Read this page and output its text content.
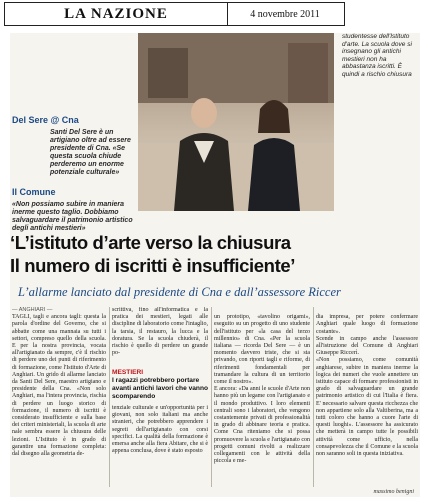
LA NAZIONE	4 novembre 2011
Del Sere @ Cna
Santi Del Sere è un artigiano oltre ad essere presidente di Cna. «Se questa scuola chiude perderemo un enorme potenziale culturale»
Il Comune
«Non possiamo subire in maniera inerme questo taglio. Dobbiamo salvaguardare il patrimonio artistico degli antichi mestieri»
studentesse dell'Istituto d'arte. La scuola dove si insegnano gli antichi mestieri non ha abbastanza iscritti. È quindi a rischio chiusura
‘L’istituto d’arte verso la chiusura
Il numero di iscritti è insufficiente’
L’allarme lanciato dal presidente di Cna e dall’assessore Riccer
— ANGHIARI —
TAGLI, tagli e ancora tagli: questa la parola d'ordine del Governo, che si abbatte come una mannaia su tutti i settori, compreso quello della scuola. E per la nostra provincia, vocata all'artigianato da sempre, c'è il rischio di perdere uno dei punti di riferimento di formazione, come l'Istituto d'Arte di Anghiari. Un grido di allarme lanciato da Santi Del Sere, maestro artigiano e presidente della Cna. «Non solo Anghiari, ma l'intera provincia, rischia di perdere un luogo storico di formazione, il numero di iscritti è considerato insufficiente e sulla base dei criteri ministeriali, la scuola di arte nale sembra essere la chiusura delle lezioni. L'Istituto è in grado di garantire una formazione completa: dal disegno alla geometria de-
scrittiva, fino all'informatica e la pratica dei mestieri, legati alle discipline di laboratorio come l'intaglio, la tarsia, il restauro, la lucca e la doratura. Se la scuola chiuderà, il rischio è quello di perdere un grande po-
MESTIERI
I ragazzi potrebbero portare avanti antichi lavori che vanno scomparendo
tenziale culturale e un'opportunità per i giovani, non solo italiani ma anche stranieri, che potrebbero apprendere i segreti dell'artigianato con corsi specifici. La qualità della formazione è emersa anche alla fiera Abitare, che si è appena conclusa, dove è stato esposto

un prototipo, «tavolino origami», eseguito su un progetto di uno studente dell'istituto per «la casa del terzo millennio» di Cna. «Per la scuola italiana — ricorda Del Sere — è un momento davvero triste, che si sta privando, con riporti tagli e riforme, di riferimenti fondamentali per tramandare la cultura di un territorio come il nostro».
E ancora: «Da anni le scuole d'Arte non hanno più un legame con l'artigianato e il mondo produttivo. I loro elementi centrali sono i laboratori, che vengono costantemente privati di professionalità in grado di abbinare teoria e pratica. Come Cna riteniamo che si possa promuovere la scuola e l'artigianato con progetti comuni rivolti a realizzare collegamenti con le attività della piccola e me-

dia impresa, per potere confermare Anghiari quale luogo di formazione costante».
Scende in campo anche l'assessore all'istruzione del Comune di Anghiari Giuseppe Riccerì.
«Non possiamo, come comunità anghiarese, subire in maniera inerme la logica dei numeri che vuole annettere un istituto capace di formare professionisti in grado di salvaguardare un grande patrimonio artistico di cui l'Italia è fiera. E' necessario salvare questa ricchezza che non appartiene solo alla Valtiberina, ma a tutti coloro che hanno a cuore l'arte di questi luoghi». L'assessore ha assicurato che metterà in campo tutte le possibili attività come ufficio, nella consapevolezza che il Comune e la scuola non saranno soli in questa iniziativa.

massimo benigni
